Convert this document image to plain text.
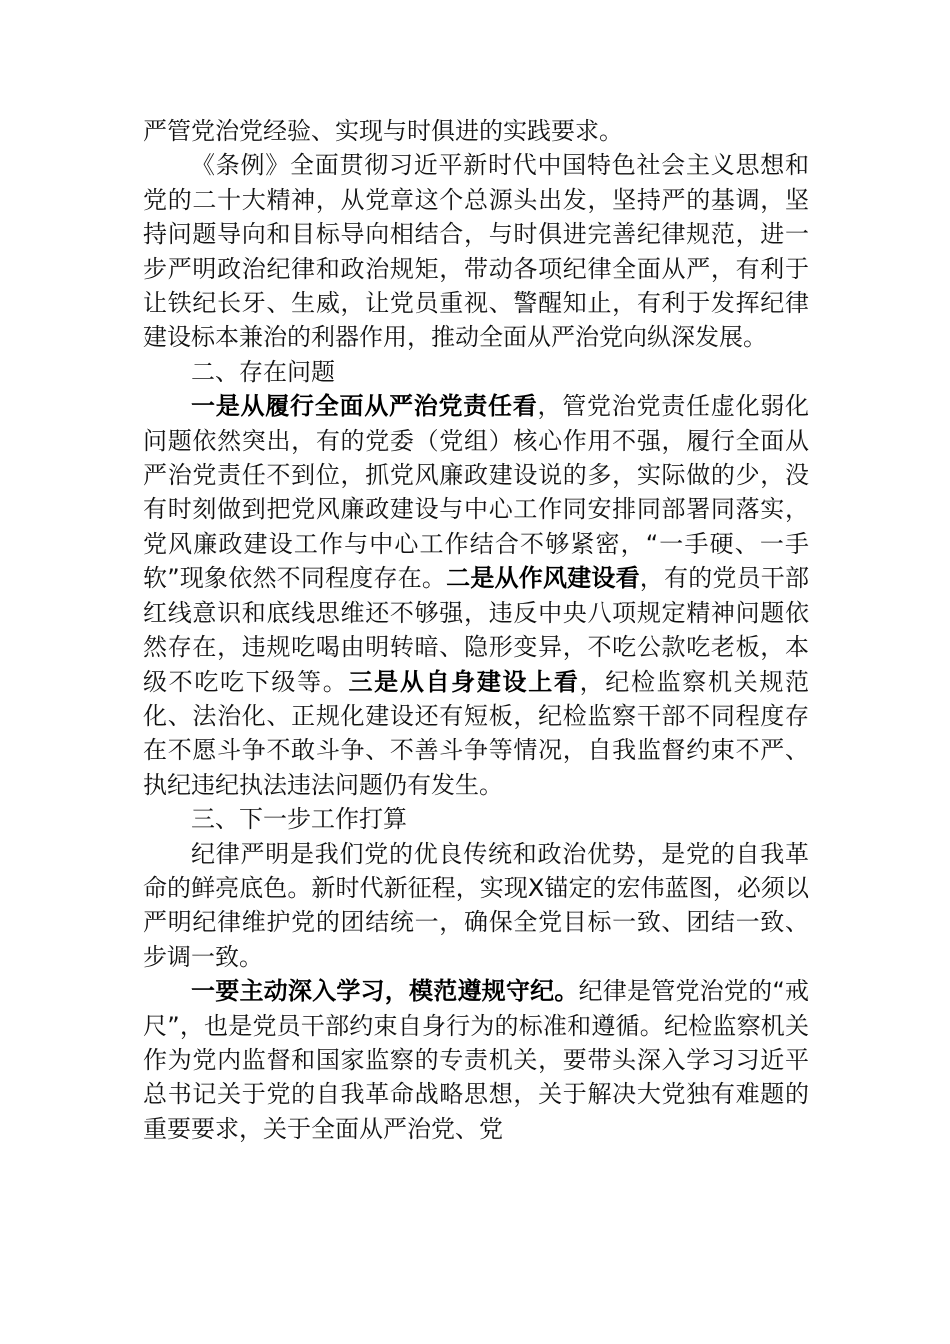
严管党治党经验、实现与时俱进的实践要求。

《条例》全面贯彻习近平新时代中国特色社会主义思想和党的二十大精神，从党章这个总源头出发，坚持严的基调，坚持问题导向和目标导向相结合，与时俱进完善纪律规范，进一步严明政治纪律和政治规矩，带动各项纪律全面从严，有利于让铁纪长牙、生威，让党员重视、警醒知止，有利于发挥纪律建设标本兼治的利器作用，推动全面从严治党向纵深发展。

二、存在问题

一是从履行全面从严治党责任看，管党治党责任虚化弱化问题依然突出，有的党委（党组）核心作用不强，履行全面从严治党责任不到位，抓党风廉政建设说的多，实际做的少，没有时刻做到把党风廉政建设与中心工作同安排同部署同落实，党风廉政建设工作与中心工作结合不够紧密，“一手硬、一手软”现象依然不同程度存在。二是从作风建设看，有的党员干部红线意识和底线思维还不够强，违反中央八项规定精神问题依然存在，违规吃喝由明转暗、隐形变异，不吃公款吃老板，本级不吃吃下级等。三是从自身建设上看，纪检监察机关规范化、法治化、正规化建设还有短板，纪检监察干部不同程度存在不愿斗争不敢斗争、不善斗争等情况，自我监督约束不严、执纪违纪执法违法问题仍有发生。

三、下一步工作打算

纪律严明是我们党的优良传统和政治优势，是党的自我革命的鲜亮底色。新时代新征程，实现X锚定的宏伟蓝图，必须以严明纪律维护党的团结统一，确保全党目标一致、团结一致、步调一致。

一要主动深入学习，模范遵规守纪。纪律是管党治党的“戒尺”，也是党员干部约束自身行为的标准和遵循。纪检监察机关作为党内监督和国家监察的专责机关，要带头深入学习习近平总书记关于党的自我革命战略思想，关于解决大党独有难题的重要要求，关于全面从严治党、党
